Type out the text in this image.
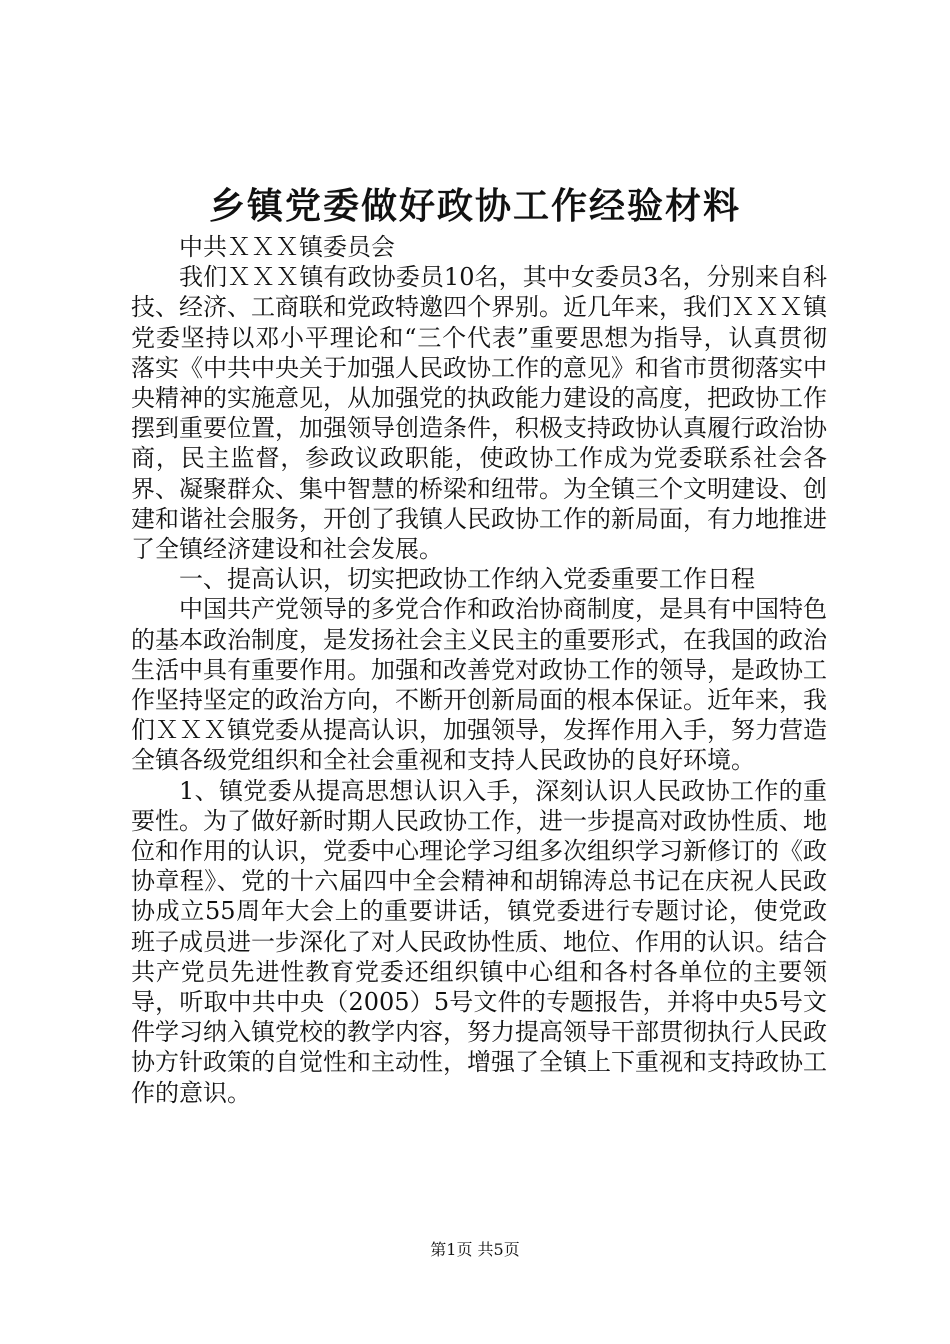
乡镇党委做好政协工作经验材料

中共ＸＸＸ镇委员会

我们ＸＸＸ镇有政协委员10名，其中女委员3名，分别来自科技、经济、工商联和党政特邀四个界别。近几年来，我们ＸＸＸ镇党委坚持以邓小平理论和“三个代表”重要思想为指导，认真贯彻落实《中共中央关于加强人民政协工作的意见》和省市贯彻落实中央精神的实施意见，从加强党的执政能力建设的高度，把政协工作摆到重要位置，加强领导创造条件，积极支持政协认真履行政治协商，民主监督，参政议政职能，使政协工作成为党委联系社会各界、凝聚群众、集中智慧的桥梁和纽带。为全镇三个文明建设、创建和谐社会服务，开创了我镇人民政协工作的新局面，有力地推进了全镇经济建设和社会发展。

一、提高认识，切实把政协工作纳入党委重要工作日程

中国共产党领导的多党合作和政治协商制度，是具有中国特色的基本政治制度，是发扬社会主义民主的重要形式，在我国的政治生活中具有重要作用。加强和改善党对政协工作的领导，是政协工作坚持坚定的政治方向，不断开创新局面的根本保证。近年来，我们ＸＸＸ镇党委从提高认识，加强领导，发挥作用入手，努力营造全镇各级党组织和全社会重视和支持人民政协的良好环境。

1、镇党委从提高思想认识入手，深刻认识人民政协工作的重要性。为了做好新时期人民政协工作，进一步提高对政协性质、地位和作用的认识，党委中心理论学习组多次组织学习新修订的《政协章程》、党的十六届四中全会精神和胡锦涛总书记在庆祝人民政协成立55周年大会上的重要讲话，镇党委进行专题讨论，使党政班子成员进一步深化了对人民政协性质、地位、作用的认识。结合共产党员先进性教育党委还组织镇中心组和各村各单位的主要领导，听取中共中央（2005）5号文件的专题报告，并将中央5号文件学习纳入镇党校的教学内容，努力提高领导干部贯彻执行人民政协方针政策的自觉性和主动性，增强了全镇上下重视和支持政协工作的意识。

第1页 共5页
